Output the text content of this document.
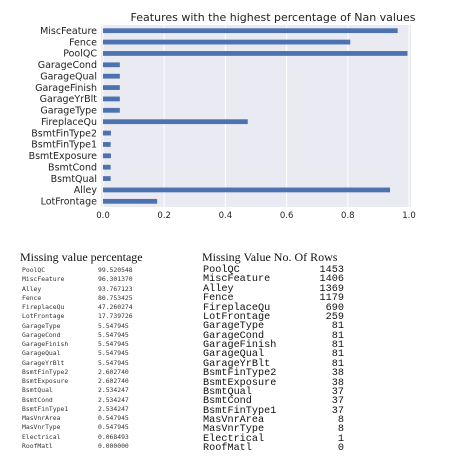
Features with the highest percentage of Nan values
MiscFeature
Fence
PoolQC
GarageCond
GarageQual
GarageFinish
GarageYrBlt
GarageType
FireplaceQu
BsmtFinType2
BsmtFinType1
BsmtExposure
BsmtCond
BsmtQual
Alley
LotFrontage
0.0	0.2	0.4	0.6	0.8	1.0
Missing value percentage	Missing Value No. Of Rows
PoolQC	99.520548
MiscFeature	96.301370
Alley	93.767123
Fence	80.753425
FireplaceQu	47.260274
LotFrontage	17.739726
GarageType	5.547945
GarageCond	5.547945
GarageFinish	5.547945
GarageQual	5.547945
GarageYrBlt	5.547945
BsmtFinType2	2.602740
BsmtExposure	2.602740
BsmtQual	2.534247
BsmtCond	2.534247
BsmtFinType1	2.534247
MasVnrArea	0.547945
MasVnrType	0.547945
Electrical	0.068493
RoofMatl	0.000000
PoolQC	1453
MiscFeature	1406
Alley	1369
Fence	1179
FireplaceQu	690
LotFrontage	259
GarageType	81
GarageCond	81
GarageFinish	81
GarageQual	81
GarageYrBlt	81
BsmtFinType2	38
BsmtExposure	38
BsmtQual	37
BsmtCond	37
BsmtFinType1	37
MasVnrArea	8
MasVnrType	8
Electrical	1
RoofMatl	0
